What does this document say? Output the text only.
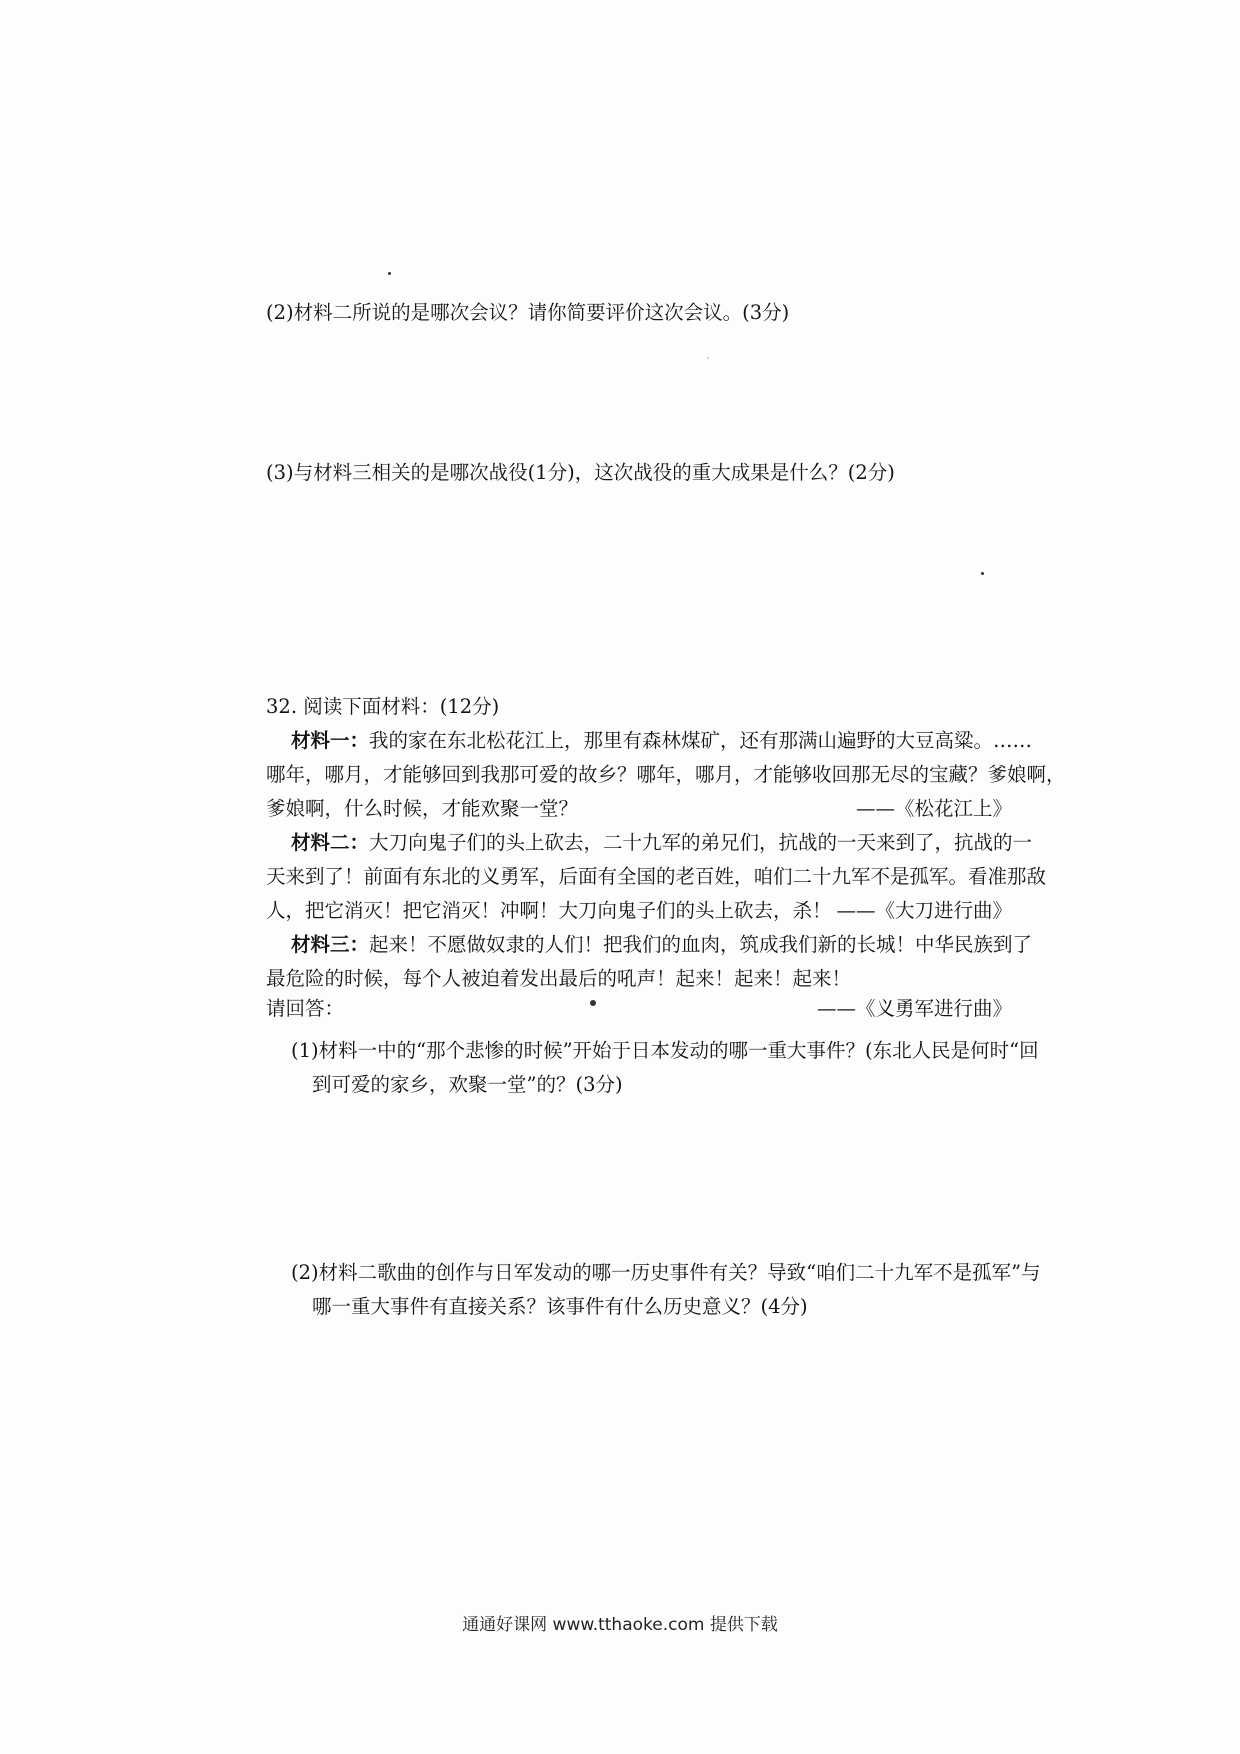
. 　　　　　　　　　　　　　　　　　　　　　

(2)材料二所说的是哪次会议？请你简要评价这次会议。(3分)
(3)与材料三相关的是哪次战役(1分)，这次战役的重大成果是什么？(2分)
32. 阅读下面材料：(12分)
材料一：我的家在东北松花江上，那里有森林煤矿，还有那满山遍野的大豆高粱。……
哪年，哪月，才能够回到我那可爱的故乡？哪年，哪月，才能够收回那无尽的宝藏？爹娘啊，
爹娘啊，什么时候，才能欢聚一堂？	——《松花江上》
材料二：大刀向鬼子们的头上砍去，二十九军的弟兄们，抗战的一天来到了，抗战的一
天来到了！前面有东北的义勇军，后面有全国的老百姓，咱们二十九军不是孤军。看准那敌
人，把它消灭！把它消灭！冲啊！大刀向鬼子们的头上砍去，杀！ ——《大刀进行曲》
材料三：起来！不愿做奴隶的人们！把我们的血肉，筑成我们新的长城！中华民族到了
最危险的时候，每个人被迫着发出最后的吼声！起来！起来！起来！
——《义勇军进行曲》
请回答：
(1)材料一中的“那个悲惨的时候”开始于日本发动的哪一重大事件？(东北人民是何时“回
到可爱的家乡，欢聚一堂”的？(3分)
(2)材料二歌曲的创作与日军发动的哪一历史事件有关？导致“咱们二十九军不是孤军”与
哪一重大事件有直接关系？该事件有什么历史意义？(4分)
通通好课网 www.tthaoke.com 提供下载
